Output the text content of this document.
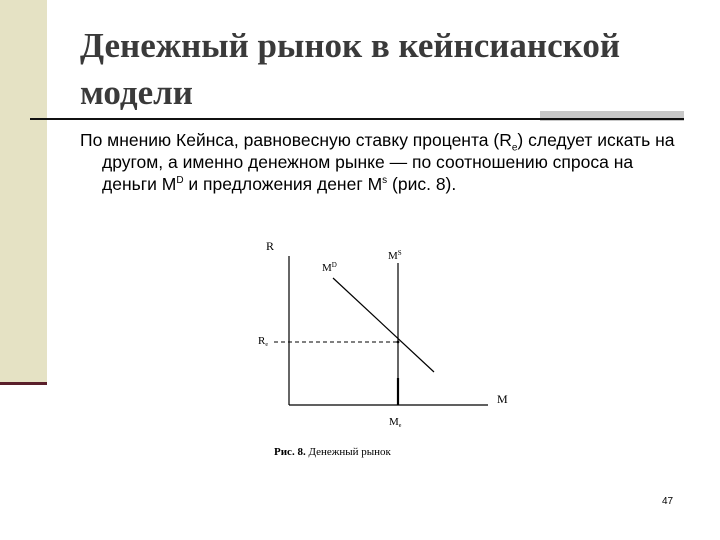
Денежный рынок в кейнсианской модели

По мнению Кейнса, равновесную ставку процента $(R_e)$ следует искать на другом, а именно денежном рынке — по соотношению спроса на деньги $M^D$ и предложения денег $M^s$ (рис. 8).

R
$M^D$
$M^S$
Re
M
Me
Рис. 8. Денежный рынок
47
